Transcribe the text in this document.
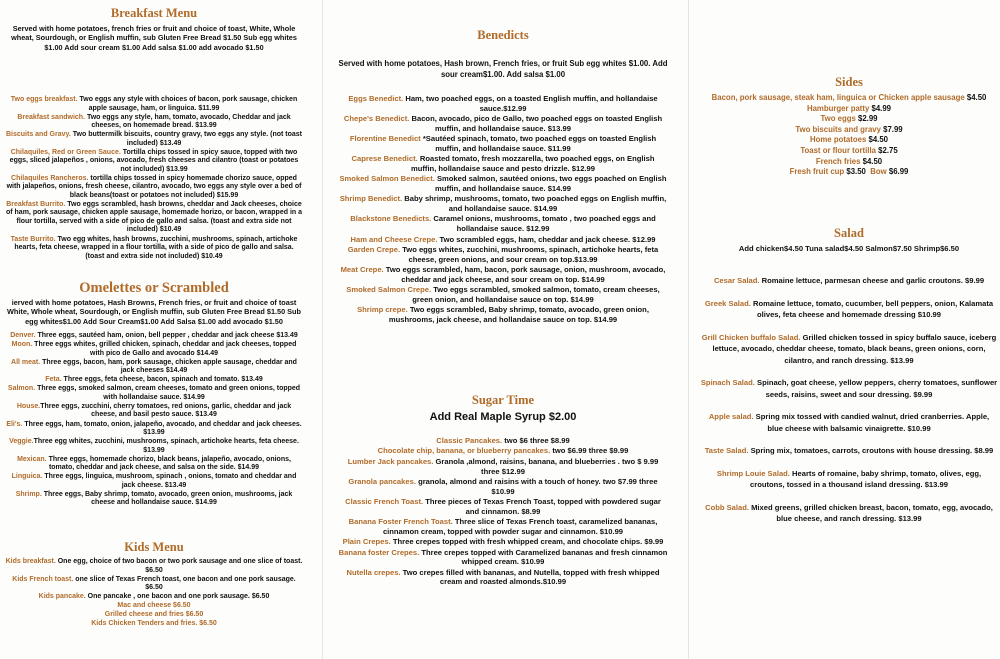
Breakfast Menu

Served with home potatoes, french fries or fruit and choice of toast, White, Whole wheat, Sourdough, or English muffin, sub Gluten Free Bread $1.50 Sub egg whites $1.00 Add sour cream $1.00 Add salsa $1.00 add avocado $1.50

Two eggs breakfast. Two eggs any style with choices of bacon, pork sausage, chicken apple sausage, ham, or linguica. $11.99
Breakfast sandwich. Two eggs any style, ham, tomato, avocado, Cheddar and jack cheeses, on homemade bread. $13.99
Biscuits and Gravy. Two buttermilk biscuits, country gravy, two eggs any style. (not toast included) $13.49
Chilaquiles, Red or Green Sauce. Tortilla chips tossed in spicy sauce, topped with two eggs, sliced jalapeños , onions, avocado, fresh cheeses and cilantro (toast or potatoes not included) $13.99
Chilaquiles Rancheros. tortilla chips tossed in spicy homemade chorizo sauce, opped with jalapeños, onions, fresh cheese, cilantro, avocado, two eggs any style over a bed of black beans(toast or potatoes not included) $15.99
Breakfast Burrito. Two eggs scrambled, hash browns, cheddar and Jack cheeses, choice of ham, pork sausage, chicken apple sausage, homemade horizo, or bacon, wrapped in a flour tortilla, served with a side of pico de gallo and salsa. (toast and extra side not included) $10.49
Taste Burrito. Two egg whites, hash browns, zucchini, mushrooms, spinach, artichoke hearts, feta cheese, wrapped in a flour tortilla, with a side of pico de gallo and salsa. (toast and extra side not included) $10.49
Omelettes or Scrambled

ierved with home potatoes, Hash Browns, French fries, or fruit and choice of toast White, Whole wheat, Sourdough, or English muffin, sub Gluten Free Bread $1.50 Sub egg whites$1.00 Add Sour Cream$1.00 Add Salsa $1.00 add avocado $1.50

Denver. Three eggs, sautéed ham, onion, bell pepper , cheddar and jack cheese $13.49
Moon. Three eggs whites, grilled chicken, spinach, cheddar and jack cheeses, topped with pico de Gallo and avocado $14.49
All meat. Three eggs, bacon, ham, pork sausage, chicken apple sausage, cheddar and jack cheeses $14.49
Feta. Three eggs, feta cheese, bacon, spinach and tomato. $13.49
Salmon. Three eggs, smoked salmon, cream cheeses, tomato and green onions, topped with hollandaise sauce. $14.99
House.Three eggs, zucchini, cherry tomatoes, red onions, garlic, cheddar and jack cheese, and basil pesto sauce. $13.49
Eli's. Three eggs, ham, tomato, onion, jalapeño, avocado, and cheddar and jack cheeses. $13.99
Veggie.Three egg whites, zucchini, mushrooms, spinach, artichoke hearts, feta cheese. $13.99
Mexican. Three eggs, homemade chorizo, black beans, jalapeño, avocado, onions, tomato, cheddar and jack cheese, and salsa on the side. $14.99
Linguica. Three eggs, linguica, mushroom, spinach , onions, tomato and cheddar and jack cheese. $13.49
Shrimp. Three eggs, Baby shrimp, tomato, avocado, green onion, mushrooms, jack cheese and hollandaise sauce. $14.99
Kids Menu
Kids breakfast. One egg, choice of two bacon or two pork sausage and one slice of toast. $6.50
Kids French toast. one slice of Texas French toast, one bacon and one pork sausage. $6.50
Kids pancake. One pancake , one bacon and one pork sausage. $6.50
Mac and cheese $6.50
Grilled cheese and fries $6.50
Kids Chicken Tenders and fries. $6.50
Benedicts

Served with home potatoes, Hash brown, French fries, or fruit Sub egg whites $1.00. Add sour cream$1.00. Add salsa $1.00

Eggs Benedict. Ham, two poached eggs, on a toasted English muffin, and hollandaise sauce.$12.99
Chepe's Benedict. Bacon, avocado, pico de Gallo, two poached eggs on toasted English muffin, and hollandaise sauce. $13.99
Florentine Benedict *Sautéed spinach, tomato, two poached eggs on toasted English muffin, and hollandaise sauce. $11.99
Caprese Benedict. Roasted tomato, fresh mozzarella, two poached eggs, on English muffin, hollandaise sauce and pesto drizzle. $12.99
Smoked Salmon Benedict. Smoked salmon, sautéed onions, two eggs poached on English muffin, and hollandaise sauce. $14.99
Shrimp Benedict. Baby shrimp, mushrooms, tomato, two poached eggs on English muffin, and hollandaise sauce. $14.99
Blackstone Benedicts. Caramel onions, mushrooms, tomato , two poached eggs and hollandaise sauce. $12.99
Ham and Cheese Crepe. Two scrambled eggs, ham, cheddar and jack cheese. $12.99
Garden Crepe. Two eggs whites, zucchini, mushrooms, spinach, artichoke hearts, feta cheese, green onions, and sour cream on top.$13.99
Meat Crepe. Two eggs scrambled, ham, bacon, pork sausage, onion, mushroom, avocado, cheddar and jack cheese, and sour cream on top. $14.99
Smoked Salmon Crepe. Two eggs scrambled, smoked salmon, tomato, cream cheeses, green onion, and hollandaise sauce on top. $14.99
Shrimp crepe. Two eggs scrambled, Baby shrimp, tomato, avocado, green onion, mushrooms, jack cheese, and hollandaise sauce on top. $14.99
Sugar Time

Add Real Maple Syrup $2.00

Classic Pancakes. two $6 three $8.99
Chocolate chip, banana, or blueberry pancakes. two $6.99 three $9.99
Lumber Jack pancakes. Granola ,almond, raisins, banana, and blueberries . two $ 9.99 three $12.99
Granola pancakes. granola, almond and raisins with a touch of honey. two $7.99 three $10.99
Classic French Toast. Three pieces of Texas French Toast, topped with powdered sugar and cinnamon. $8.99
Banana Foster French Toast. Three slice of Texas French toast, caramelized bananas, cinnamon cream, topped with powder sugar and cinnamon. $10.99
Plain Crepes. Three crepes topped with fresh whipped cream, and chocolate chips. $9.99
Banana foster Crepes. Three crepes topped with Caramelized bananas and fresh cinnamon whipped cream. $10.99
Nutella crepes. Two crepes filled with bananas, and Nutella, topped with fresh whipped cream and roasted almonds.$10.99
Sides
Bacon, pork sausage, steak ham, linguica or Chicken apple sausage $4.50
Hamburger patty $4.99
Two eggs $2.99
Two biscuits and gravy $7.99
Home potatoes $4.50
Toast or flour tortilla $2.75
French fries $4.50
Fresh fruit cup $3.50 Bow $6.99
Salad

Add chicken$4.50 Tuna salad$4.50 Salmon$7.50 Shrimp$6.50

Cesar Salad. Romaine lettuce, parmesan cheese and garlic croutons. $9.99
Greek Salad. Romaine lettuce, tomato, cucumber, bell peppers, onion, Kalamata olives, feta cheese and homemade dressing $10.99
Grill Chicken buffalo Salad. Grilled chicken tossed in spicy buffalo sauce, iceberg lettuce, avocado, cheddar cheese, tomato, black beans, green onions, corn, cilantro, and ranch dressing. $13.99
Spinach Salad. Spinach, goat cheese, yellow peppers, cherry tomatoes, sunflower seeds, raisins, sweet and sour dressing. $9.99
Apple salad. Spring mix tossed with candied walnut, dried cranberries. Apple, blue cheese with balsamic vinaigrette. $10.99
Taste Salad. Spring mix, tomatoes, carrots, croutons with house dressing. $8.99
Shrimp Louie Salad. Hearts of romaine, baby shrimp, tomato, olives, egg, croutons, tossed in a thousand island dressing. $13.99
Cobb Salad. Mixed greens, grilled chicken breast, bacon, tomato, egg, avocado, blue cheese, and ranch dressing. $13.99
